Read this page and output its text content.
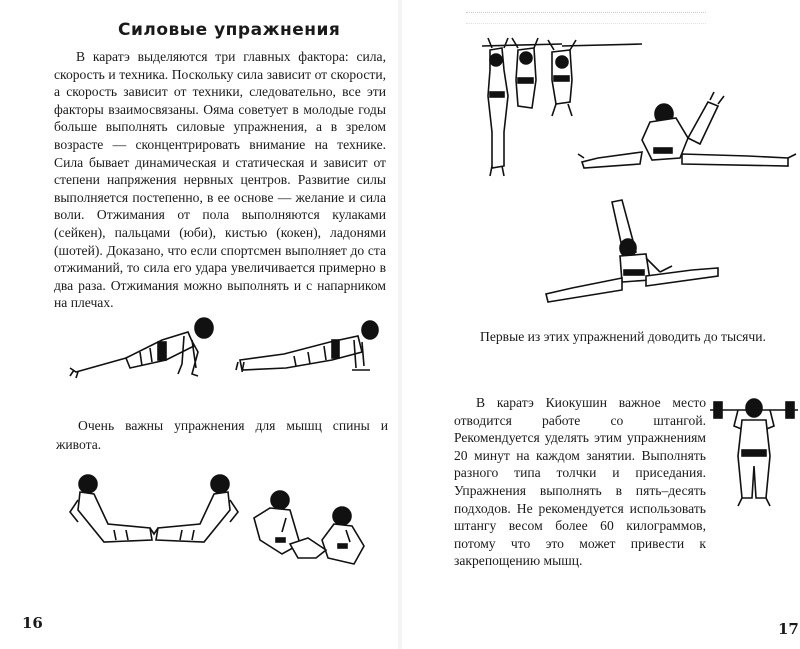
Силовые упражнения

В каратэ выделяются три главных фактора: сила, скорость и техника. Поскольку сила зависит от скорости, а скорость зависит от техники, следовательно, все эти факторы взаимосвязаны. Ояма советует в молодые годы больше выполнять силовые упражнения, а в зрелом возрасте — сконцентрировать внимание на технике. Сила бывает динамическая и статическая и зависит от степени напряжения нервных центров. Развитие силы выполняется постепенно, в ее основе — желание и сила воли. Отжимания от пола выполняются кулаками (сейкен), пальцами (юби), кистью (кокен), ладонями (шотей). Доказано, что если спортсмен выполняет до ста отжиманий, то сила его удара увеличивается примерно в два раза. Отжимания можно выполнять и с напарником на плечах.

Очень важны упражнения для мышц спины и живота.

16

Первые из этих упражнений доводить до тысячи.

В каратэ Киокушин важное место отводится работе со штангой. Рекомендуется уделять этим упражнениям 20 минут на каждом занятии. Выполнять разного типа толчки и приседания. Упражнения выполнять в пять–десять подходов. Не рекомендуется использовать штангу весом более 60 килограммов, потому что это может привести к закрепощению мышц.

17
